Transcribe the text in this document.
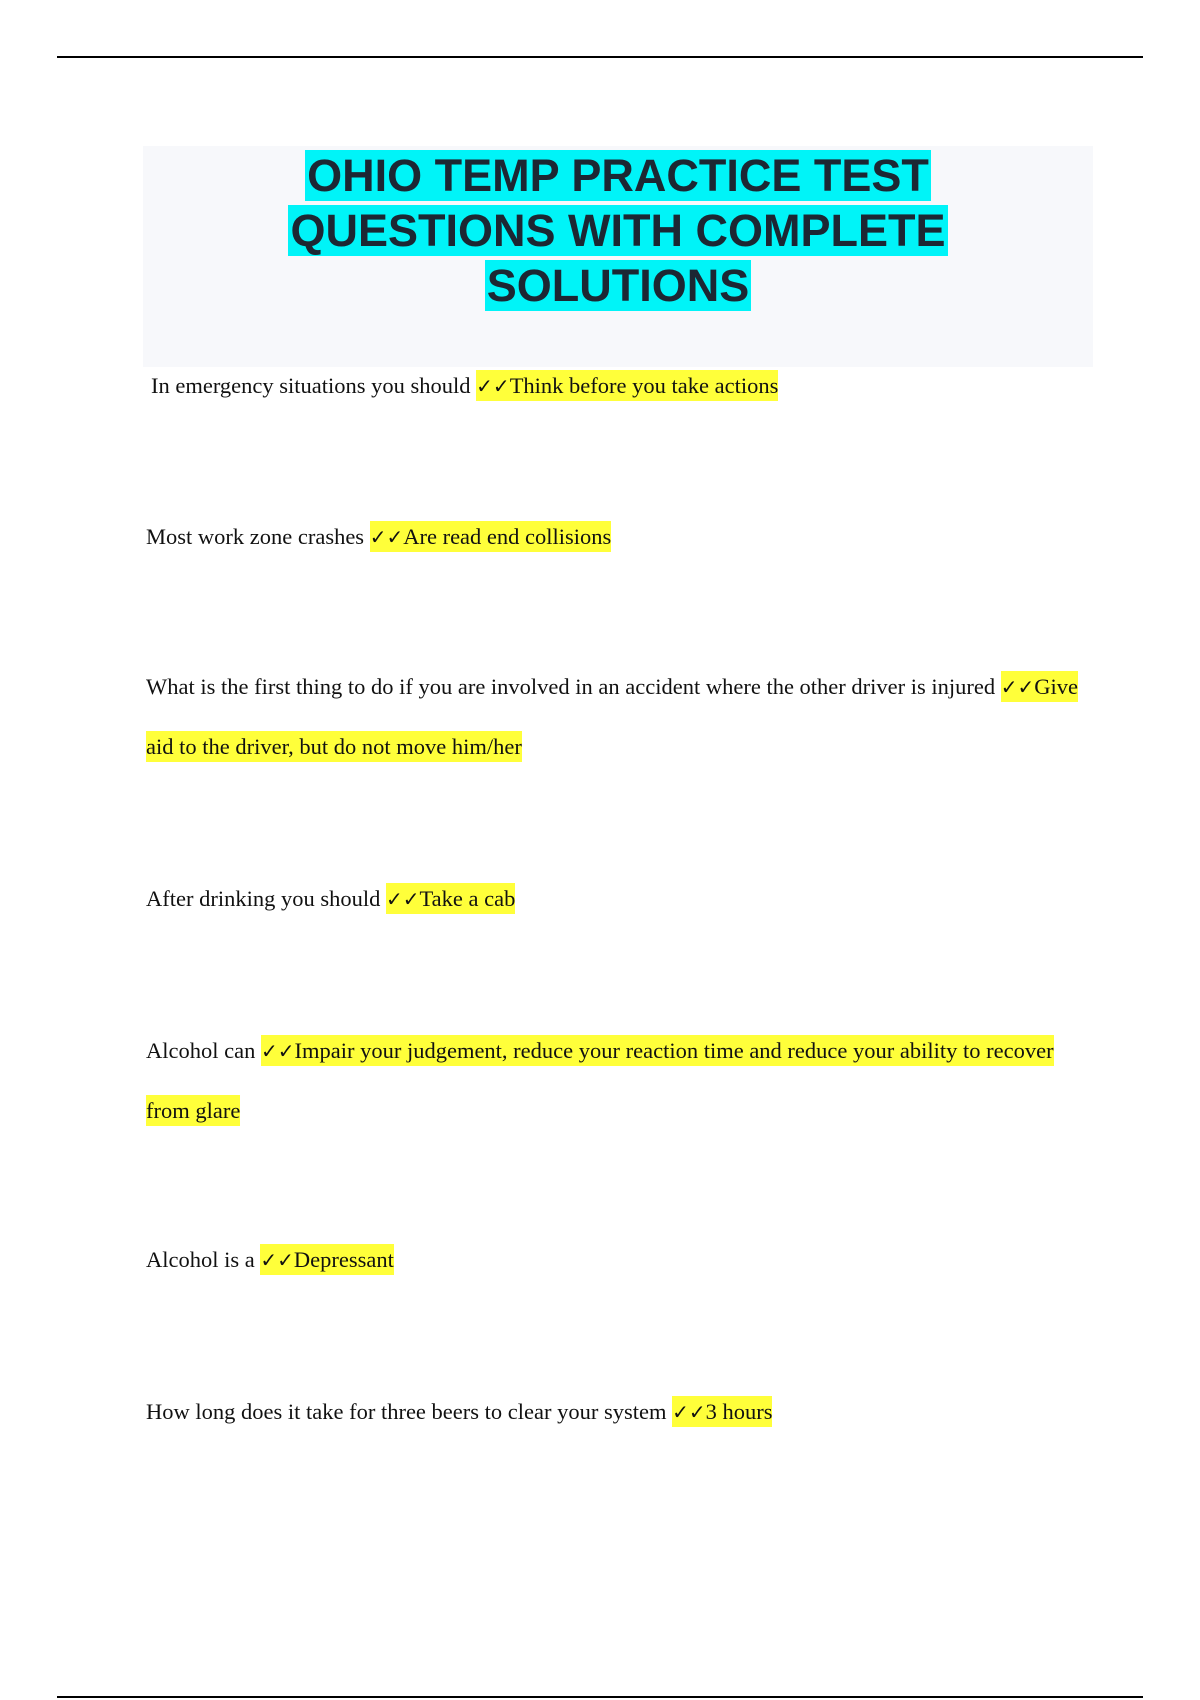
OHIO TEMP PRACTICE TEST
QUESTIONS WITH COMPLETE
SOLUTIONS

In emergency situations you should ✓✓Think before you take actions

Most work zone crashes ✓✓Are read end collisions

What is the first thing to do if you are involved in an accident where the other driver is injured ✓✓Give aid to the driver, but do not move him/her

After drinking you should ✓✓Take a cab

Alcohol can ✓✓Impair your judgement, reduce your reaction time and reduce your ability to recover from glare

Alcohol is a ✓✓Depressant

How long does it take for three beers to clear your system ✓✓3 hours
